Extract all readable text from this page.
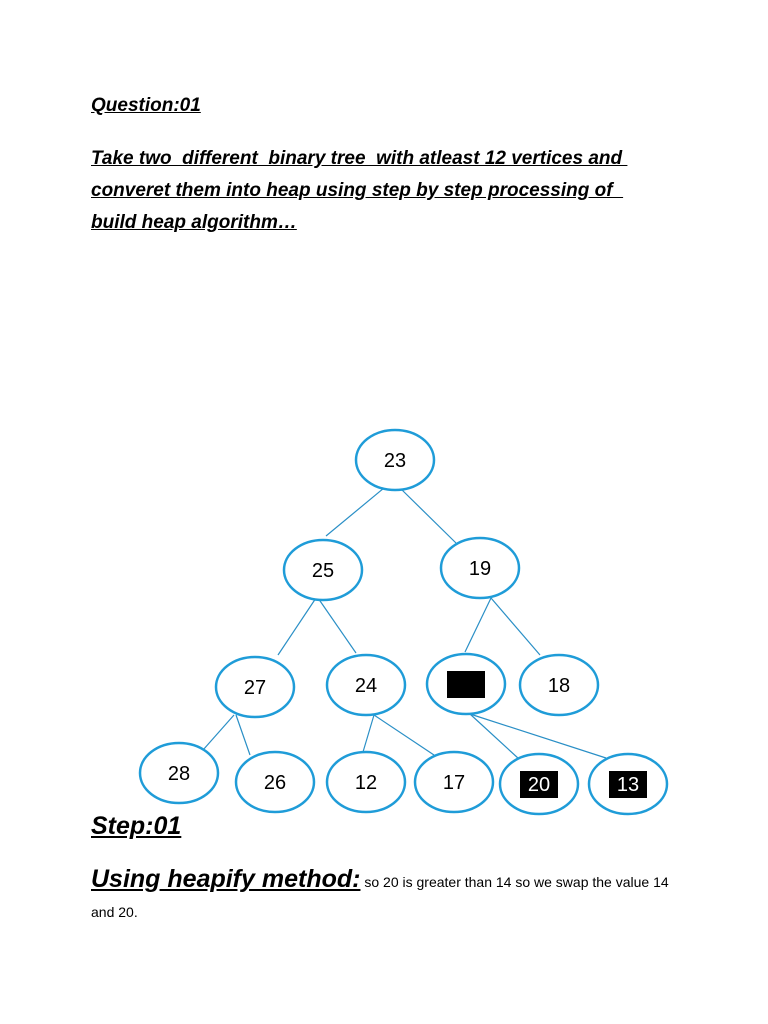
Question:01
Take two  different  binary tree  with atleast 12 vertices and
converet them into heap using step by step processing of
build heap algorithm…
23
25	19
27	24	18
28	26	12	17	20	13
Step:01
Using heapify method: so 20 is greater than 14 so we swap the value 14 and 20.
